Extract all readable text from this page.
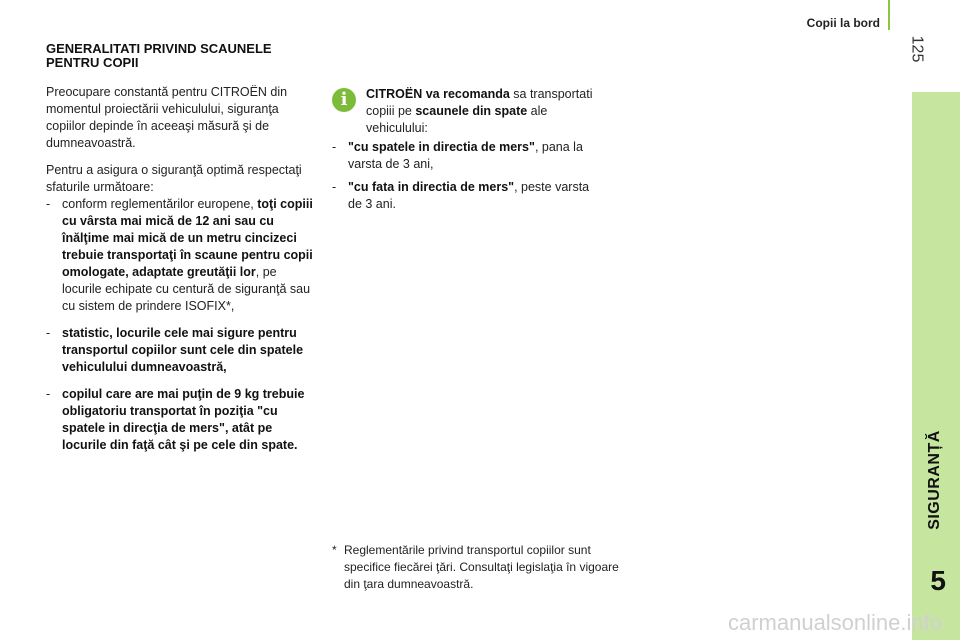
Copii la bord
125
SIGURANȚĂ
5
GENERALITATI PRIVIND SCAUNELE
PENTRU COPII

Preocupare constantă pentru CITROËN din momentul proiectării vehiculului, siguranţa copiilor depinde în aceeaşi măsură şi de dumneavoastră.

Pentru a asigura o siguranţă optimă respectaţi sfaturile următoare:

- conform reglementărilor europene, toţi copiii cu vârsta mai mică de 12 ani sau cu înălţime mai mică de un metru cincizeci trebuie transportaţi în scaune pentru copii omologate, adaptate greutăţii lor, pe locurile echipate cu centură de siguranţă sau cu sistem de prindere ISOFIX*,
- statistic, locurile cele mai sigure pentru transportul copiilor sunt cele din spatele vehiculului dumneavoastră,
- copilul care are mai puţin de 9 kg trebuie obligatoriu transportat în poziţia "cu spatele in direcţia de mers", atât pe locurile din faţă cât şi pe cele din spate.
i	CITROËN va recomanda sa transportati copiii pe scaunele din spate ale vehiculului:

- "cu spatele in directia de mers", pana la varsta de 3 ani,
- "cu fata in directia de mers", peste varsta de 3 ani.
* Reglementările privind transportul copiilor sunt specifice fiecărei ţări. Consultaţi legislaţia în vigoare din ţara dumneavoastră.
carmanualsonline.info
